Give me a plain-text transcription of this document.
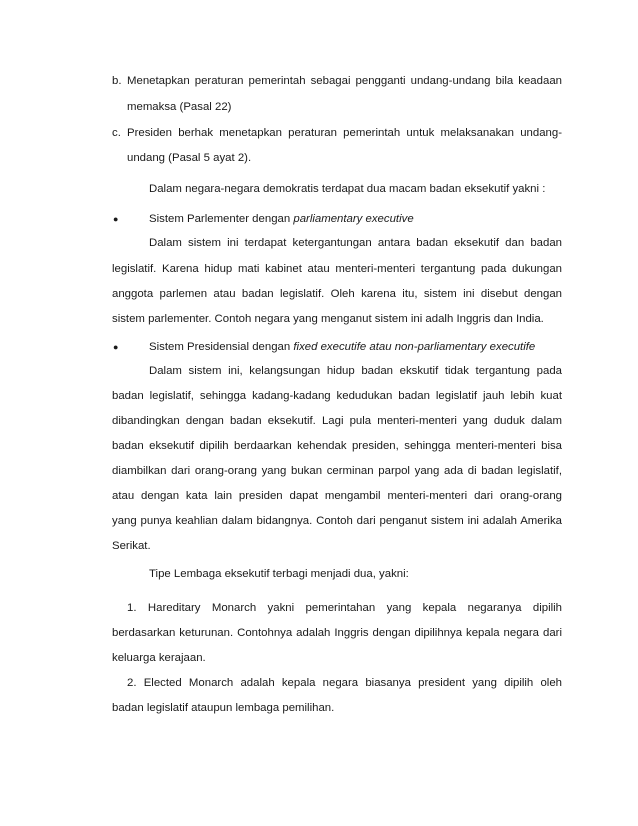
b. Menetapkan peraturan pemerintah sebagai pengganti undang-undang bila keadaan
memaksa (Pasal 22)
c. Presiden berhak menetapkan peraturan pemerintah untuk melaksanakan undang-
undang (Pasal 5 ayat 2).
Dalam negara-negara demokratis terdapat dua macam badan eksekutif yakni :
●	Sistem Parlementer dengan parliamentary executive
Dalam sistem ini terdapat ketergantungan antara badan eksekutif dan badan
legislatif. Karena hidup mati kabinet atau menteri-menteri tergantung pada dukungan
anggota parlemen atau badan legislatif. Oleh karena itu, sistem ini disebut dengan
sistem parlementer. Contoh negara yang menganut sistem ini adalh Inggris dan India.
●	Sistem Presidensial dengan fixed executife atau non-parliamentary executife
Dalam sistem ini, kelangsungan hidup badan ekskutif tidak tergantung pada
badan legislatif, sehingga kadang-kadang kedudukan badan legislatif jauh lebih kuat
dibandingkan dengan badan eksekutif. Lagi pula menteri-menteri yang duduk dalam
badan eksekutif dipilih berdaarkan kehendak presiden, sehingga menteri-menteri bisa
diambilkan dari orang-orang yang bukan cerminan parpol yang ada di badan legislatif,
atau dengan kata lain presiden dapat mengambil menteri-menteri dari orang-orang
yang punya keahlian dalam bidangnya. Contoh dari penganut sistem ini adalah Amerika
Serikat.
Tipe Lembaga eksekutif terbagi menjadi dua, yakni:
1. Hareditary Monarch yakni pemerintahan yang kepala negaranya dipilih
berdasarkan keturunan. Contohnya adalah Inggris dengan dipilihnya kepala negara dari
keluarga kerajaan.
2. Elected Monarch adalah kepala negara biasanya president yang dipilih oleh
badan legislatif ataupun lembaga pemilihan.
